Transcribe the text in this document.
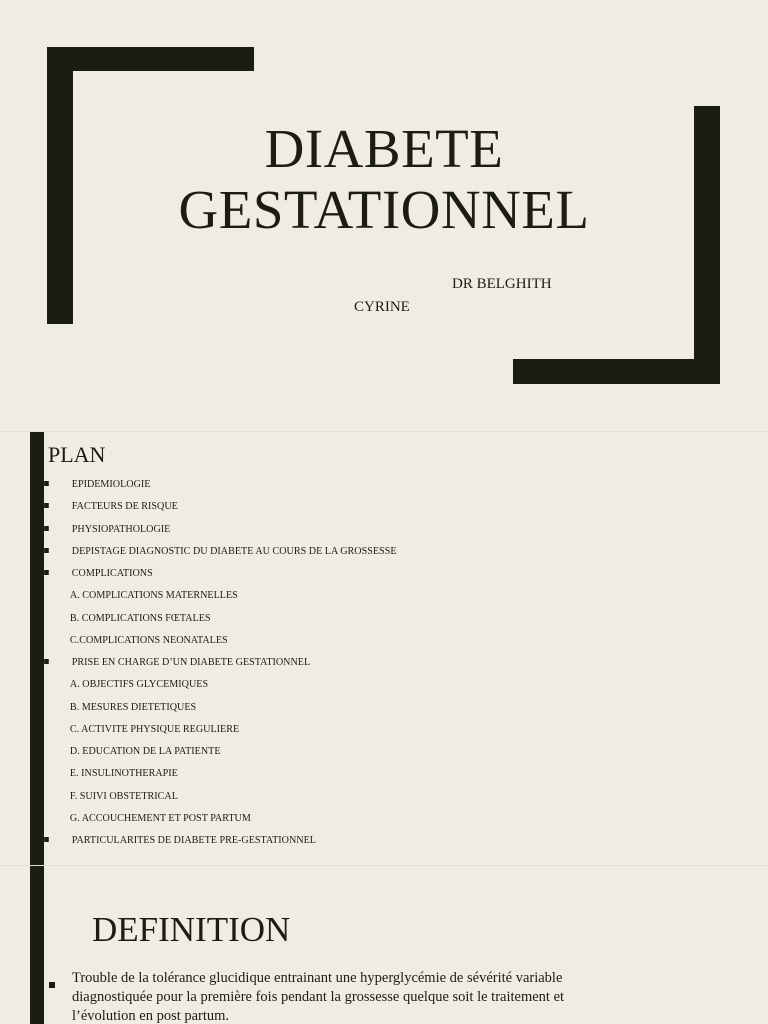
DIABETE
GESTATIONNEL
DR BELGHITH
CYRINE
PLAN
EPIDEMIOLOGIE
FACTEURS DE RISQUE
PHYSIOPATHOLOGIE
DEPISTAGE DIAGNOSTIC DU DIABETE AU COURS DE LA GROSSESSE
COMPLICATIONS
A. COMPLICATIONS MATERNELLES
B. COMPLICATIONS FŒTALES
C.COMPLICATIONS NEONATALES
PRISE EN CHARGE D’UN DIABETE GESTATIONNEL
A. OBJECTIFS GLYCEMIQUES
B. MESURES DIETETIQUES
C. ACTIVITE PHYSIQUE REGULIERE
D. EDUCATION DE LA PATIENTE
E. INSULINOTHERAPIE
F. SUIVI OBSTETRICAL
G. ACCOUCHEMENT ET POST PARTUM
PARTICULARITES DE DIABETE PRE-GESTATIONNEL
DEFINITION

Trouble de la tolérance glucidique entrainant une hyperglycémie de sévérité variable diagnostiquée pour la première fois pendant la grossesse quelque soit le traitement et l’évolution en post partum.
